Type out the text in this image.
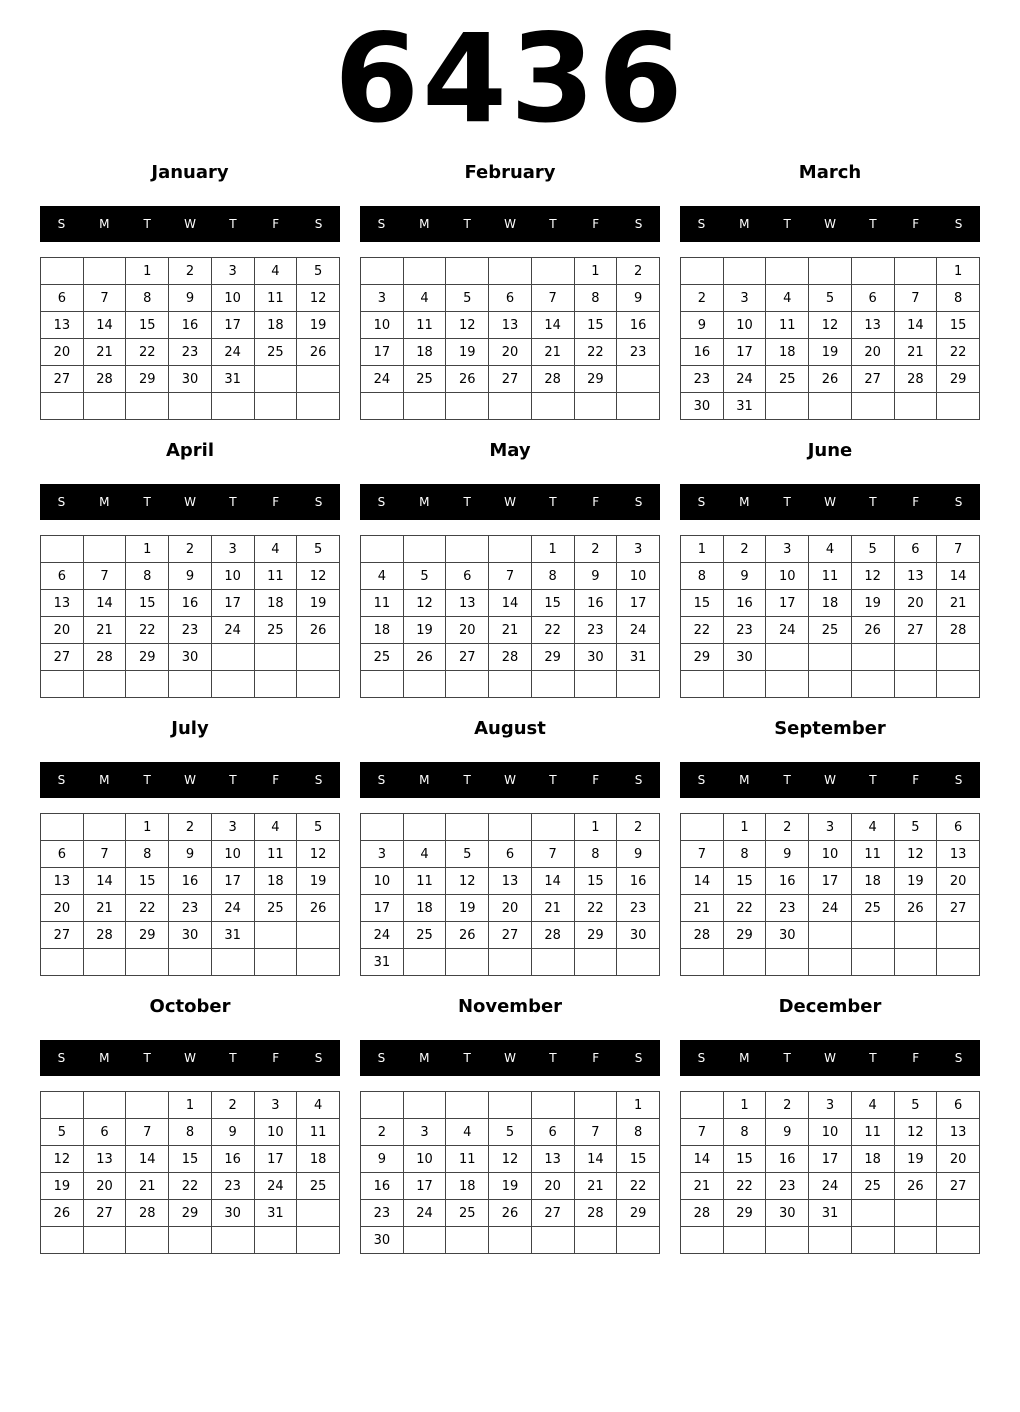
6436
January
S	M	T	W	T	F	S
		1	2	3	4	5
6	7	8	9	10	11	12
13	14	15	16	17	18	19
20	21	22	23	24	25	26
27	28	29	30	31		

February
S	M	T	W	T	F	S
					1	2
3	4	5	6	7	8	9
10	11	12	13	14	15	16
17	18	19	20	21	22	23
24	25	26	27	28	29	

March
S	M	T	W	T	F	S
						1
2	3	4	5	6	7	8
9	10	11	12	13	14	15
16	17	18	19	20	21	22
23	24	25	26	27	28	29
30	31					
April
S	M	T	W	T	F	S
		1	2	3	4	5
6	7	8	9	10	11	12
13	14	15	16	17	18	19
20	21	22	23	24	25	26
27	28	29	30			

May
S	M	T	W	T	F	S
				1	2	3
4	5	6	7	8	9	10
11	12	13	14	15	16	17
18	19	20	21	22	23	24
25	26	27	28	29	30	31

June
S	M	T	W	T	F	S
1	2	3	4	5	6	7
8	9	10	11	12	13	14
15	16	17	18	19	20	21
22	23	24	25	26	27	28
29	30					

July
S	M	T	W	T	F	S
		1	2	3	4	5
6	7	8	9	10	11	12
13	14	15	16	17	18	19
20	21	22	23	24	25	26
27	28	29	30	31		

August
S	M	T	W	T	F	S
					1	2
3	4	5	6	7	8	9
10	11	12	13	14	15	16
17	18	19	20	21	22	23
24	25	26	27	28	29	30
31						
September
S	M	T	W	T	F	S
	1	2	3	4	5	6
7	8	9	10	11	12	13
14	15	16	17	18	19	20
21	22	23	24	25	26	27
28	29	30				

October
S	M	T	W	T	F	S
			1	2	3	4
5	6	7	8	9	10	11
12	13	14	15	16	17	18
19	20	21	22	23	24	25
26	27	28	29	30	31	

November
S	M	T	W	T	F	S
						1
2	3	4	5	6	7	8
9	10	11	12	13	14	15
16	17	18	19	20	21	22
23	24	25	26	27	28	29
30						
December
S	M	T	W	T	F	S
	1	2	3	4	5	6
7	8	9	10	11	12	13
14	15	16	17	18	19	20
21	22	23	24	25	26	27
28	29	30	31			
